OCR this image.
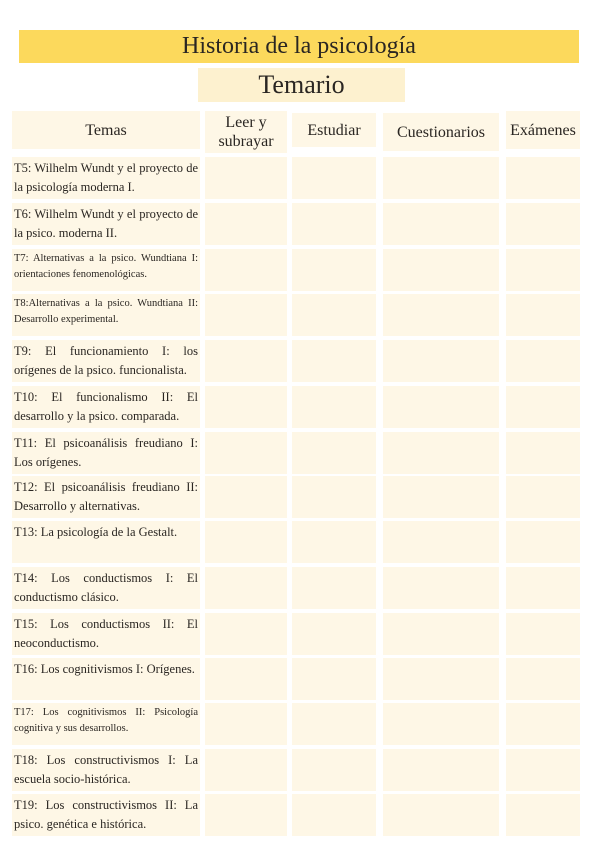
Historia de la psicología
Temario
Temas	Leer y subrayar
Estudiar Cuestionarios Exámenes
T5: Wilhelm Wundt y el proyecto de la psicología moderna I.
T6: Wilhelm Wundt y el proyecto de la psico. moderna II.
T7: Alternativas a la psico. Wundtiana I: orientaciones fenomenológicas.
T8:Alternativas a la psico. Wundtiana II: Desarrollo experimental.
T9: El funcionamiento I: los orígenes de la psico. funcionalista.
T10: El funcionalismo II: El desarrollo y la psico. comparada.
T11: El psicoanálisis freudiano I: Los orígenes.
T12: El psicoanálisis freudiano II: Desarrollo y alternativas.
T13: La psicología de la Gestalt.
T14: Los conductismos I: El conductismo clásico.
T15: Los conductismos II: El neoconductismo.
T16: Los cognitivismos I: Orígenes.
T17: Los cognitivismos II: Psicología cognitiva y sus desarrollos.
T18: Los constructivismos I: La escuela socio-histórica.
T19: Los constructivismos II: La psico. genética e histórica.
